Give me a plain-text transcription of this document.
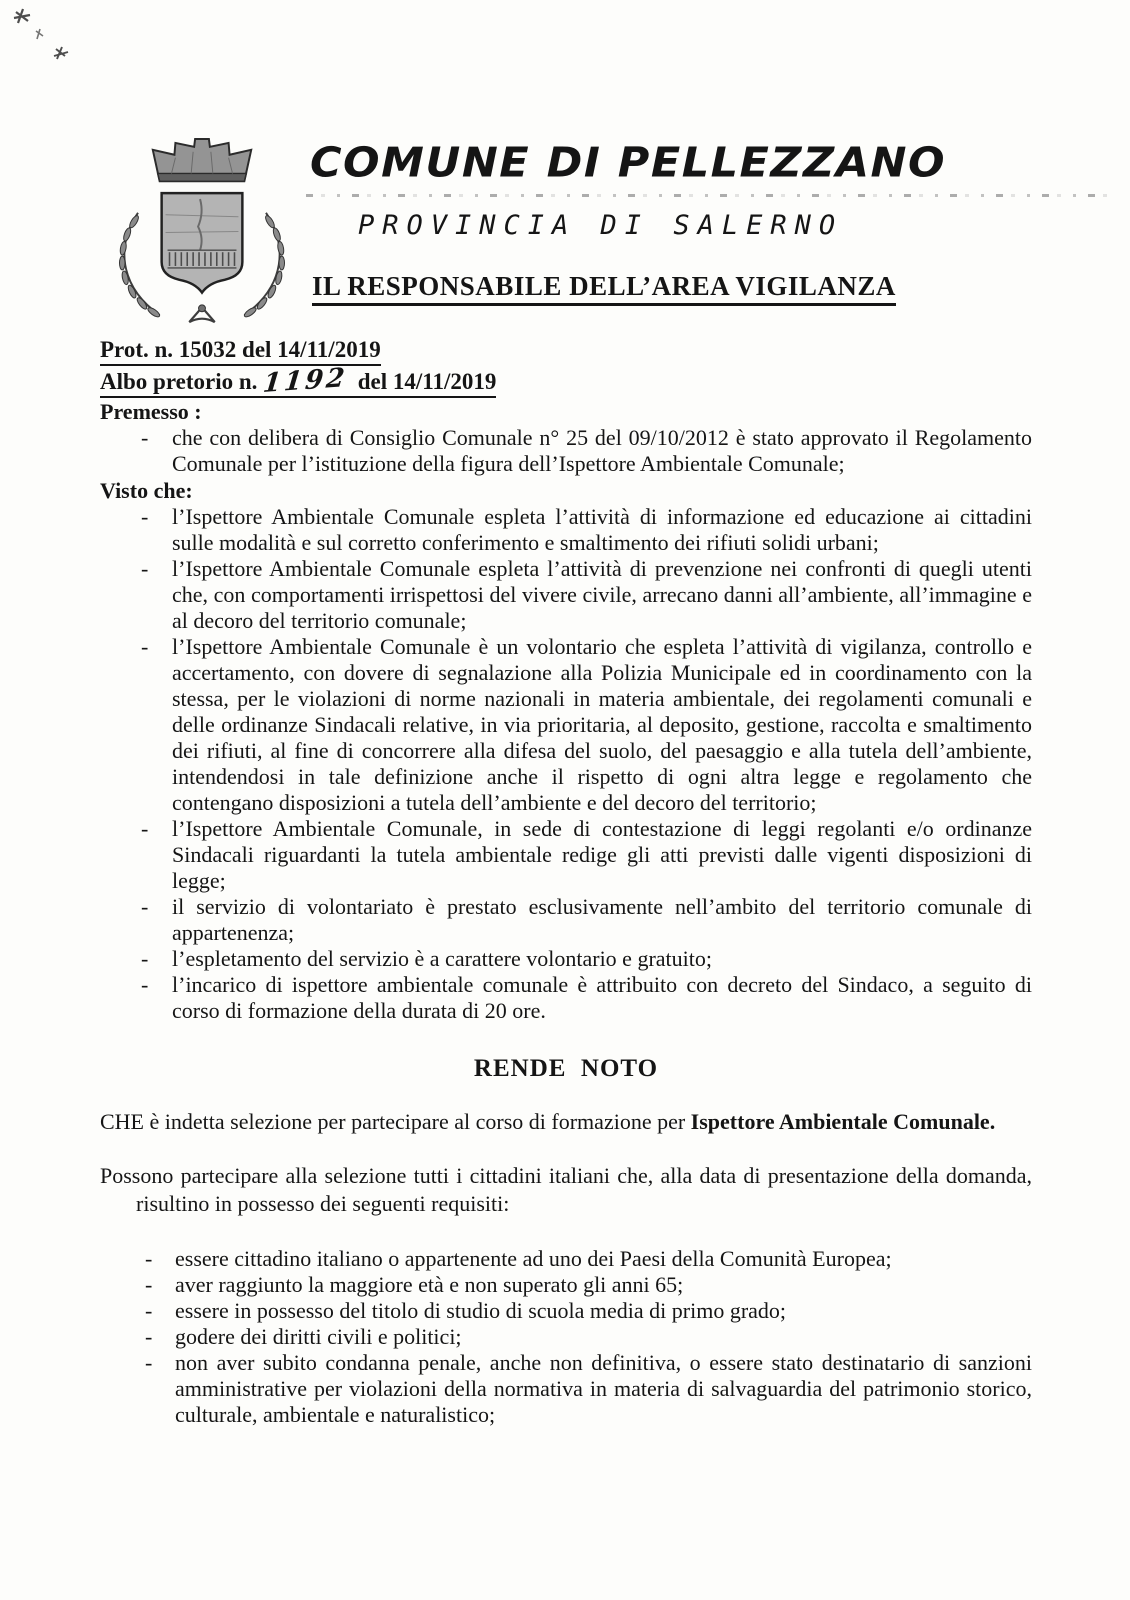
COMUNE DI PELLEZZANO
PROVINCIA DI SALERNO
IL RESPONSABILE DELL’AREA VIGILANZA
Prot. n. 15032 del 14/11/2019
Albo pretorio n. 1192 del 14/11/2019

Premesso :

-	che con delibera di Consiglio Comunale n° 25 del 09/10/2012 è stato approvato il Regolamento Comunale per l’istituzione della figura dell’Ispettore Ambientale Comunale;

Visto che:

-	l’Ispettore Ambientale Comunale espleta l’attività di informazione ed educazione ai cittadini sulle modalità e sul corretto conferimento e smaltimento dei rifiuti solidi urbani;
-	l’Ispettore Ambientale Comunale espleta l’attività di prevenzione nei confronti di quegli utenti che, con comportamenti irrispettosi del vivere civile, arrecano danni all’ambiente, all’immagine e al decoro del territorio comunale;
-	l’Ispettore Ambientale Comunale è un volontario che espleta l’attività di vigilanza, controllo e accertamento, con dovere di segnalazione alla Polizia Municipale ed in coordinamento con la stessa, per le violazioni di norme nazionali in materia ambientale, dei regolamenti comunali e delle ordinanze Sindacali relative, in via prioritaria, al deposito, gestione, raccolta e smaltimento dei rifiuti, al fine di concorrere alla difesa del suolo, del paesaggio e alla tutela dell’ambiente, intendendosi in tale definizione anche il rispetto di ogni altra legge e regolamento che contengano disposizioni a tutela dell’ambiente e del decoro del territorio;
-	l’Ispettore Ambientale Comunale, in sede di contestazione di leggi regolanti e/o ordinanze Sindacali riguardanti la tutela ambientale redige gli atti previsti dalle vigenti disposizioni di legge;
-	il servizio di volontariato è prestato esclusivamente nell’ambito del territorio comunale di appartenenza;
-	l’espletamento del servizio è a carattere volontario e gratuito;
-	l’incarico di ispettore ambientale comunale è attribuito con decreto del Sindaco, a seguito di corso di formazione della durata di 20 ore.
RENDE  NOTO

CHE è indetta selezione per partecipare al corso di formazione per Ispettore Ambientale Comunale.

Possono partecipare alla selezione tutti i cittadini italiani che, alla data di presentazione della domanda, risultino in possesso dei seguenti requisiti:

-	essere cittadino italiano o appartenente ad uno dei Paesi della Comunità Europea;
-	aver raggiunto la maggiore età e non superato gli anni 65;
-	essere in possesso del titolo di studio di scuola media di primo grado;
-	godere dei diritti civili e politici;
-	non aver subito condanna penale, anche non definitiva, o essere stato destinatario di sanzioni amministrative per violazioni della normativa in materia di salvaguardia del patrimonio storico, culturale, ambientale e naturalistico;
